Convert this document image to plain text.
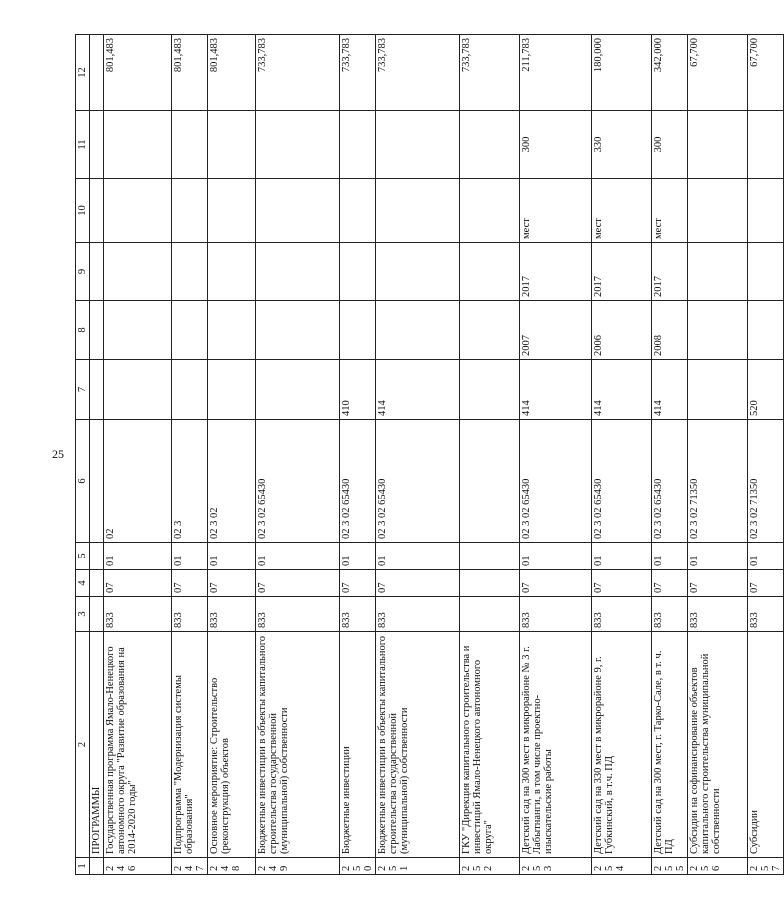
25
1	2	3	4	5	6	7	8	9	10	11	12
	ПРОГРАММЫ										
246	Государственная программа Ямало-Ненецкого автономного округа "Развитие образования на 2014-2020 годы"	833	07	01	02						801,483
247	Подпрограмма "Модернизация системы образования"	833	07	01	02 3						801,483
248	Основное мероприятие: Строительство (реконструкция) объектов	833	07	01	02 3 02						801,483
249	Бюджетные инвестиции в объекты капитального строительства государственной (муниципальной) собственности	833	07	01	02 3 02 65430						733,783
250	Бюджетные инвестиции	833	07	01	02 3 02 65430	410					733,783
251	Бюджетные инвестиции в объекты капитального строительства государственной (муниципальной) собственности	833	07	01	02 3 02 65430	414					733,783
252	ГКУ "Дирекция капитального строительства и инвестиций Ямало-Ненецкого автономного округа"										733,783
253	Детский сад на 300 мест в микрорайоне № 3 г. Лабытнанги, в том числе проектно-изыскательские работы	833	07	01	02 3 02 65430	414	2007	2017	мест	300	211,783
254	Детский сад на 330 мест в микрорайоне 9, г. Губкинский, в т.ч. ПД	833	07	01	02 3 02 65430	414	2006	2017	мест	330	180,000
255	Детский сад на 300 мест, г. Тарко-Сале, в т. ч. ПД	833	07	01	02 3 02 65430	414	2008	2017	мест	300	342,000
256	Субсидии на софинансирование объектов капитального строительства муниципальной собственности	833	07	01	02 3 02 71350						67,700
257	Субсидии	833	07	01	02 3 02 71350	520					67,700
